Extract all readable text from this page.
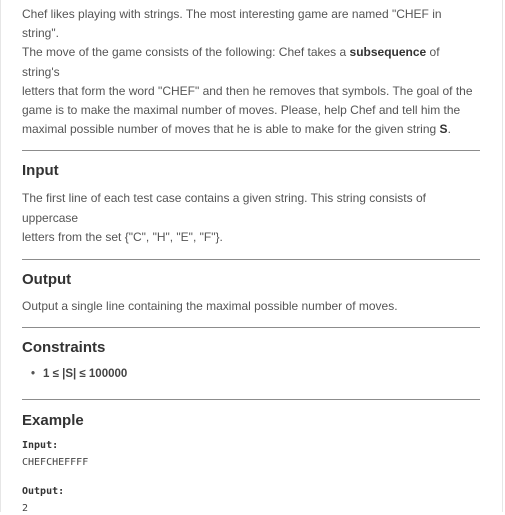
Chef likes playing with strings. The most interesting game are named "CHEF in string".

The move of the game consists of the following: Chef takes a subsequence of string's

letters that form the word "CHEF" and then he removes that symbols. The goal of the

game is to make the maximal number of moves. Please, help Chef and tell him the

maximal possible number of moves that he is able to make for the given string S.

Input

The first line of each test case contains a given string. This string consists of uppercase

letters from the set {"C", "H", "E", "F"}.

Output

Output a single line containing the maximal possible number of moves.

Constraints
• 1 ≤ |S| ≤ 100000
Example
Input:
CHEFCHEFFFF
Output:
2
